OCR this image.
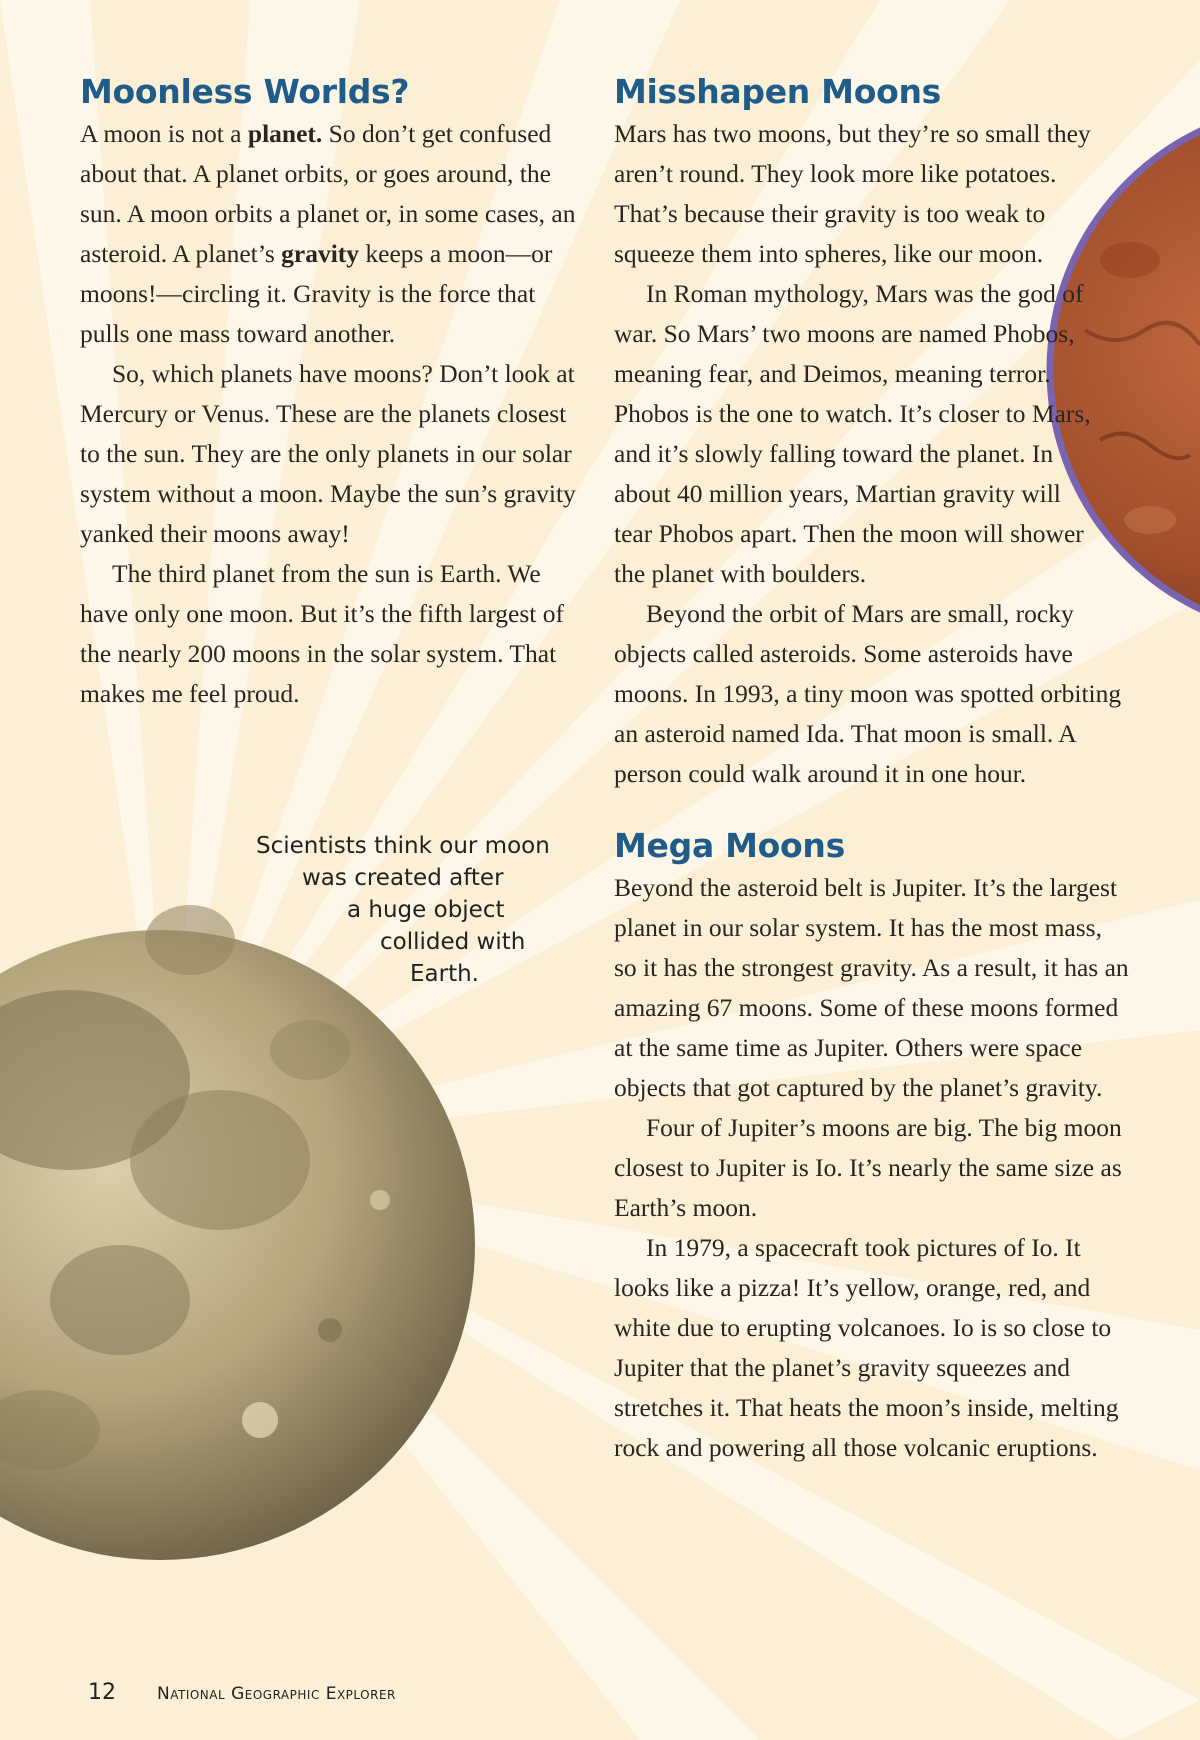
Moonless Worlds?

A moon is not a planet. So don’t get confused about that. A planet orbits, or goes around, the sun. A moon orbits a planet or, in some cases, an asteroid. A planet’s gravity keeps a moon—or moons!—circling it. Gravity is the force that pulls one mass toward another.

So, which planets have moons? Don’t look at Mercury or Venus. These are the planets closest to the sun. They are the only planets in our solar system without a moon. Maybe the sun’s gravity yanked their moons away!

The third planet from the sun is Earth. We have only one moon. But it’s the fifth largest of the nearly 200 moons in the solar system. That makes me feel proud.

Scientists think our moon
was created after
a huge object
collided with
Earth.
Misshapen Moons

Mars has two moons, but they’re so small they aren’t round. They look more like potatoes. That’s because their gravity is too weak to squeeze them into spheres, like our moon.

In Roman mythology, Mars was the god of war. So Mars’ two moons are named Phobos, meaning fear, and Deimos, meaning terror. Phobos is the one to watch. It’s closer to Mars, and it’s slowly falling toward the planet. In about 40 million years, Martian gravity will tear Phobos apart. Then the moon will shower the planet with boulders.

Beyond the orbit of Mars are small, rocky objects called asteroids. Some asteroids have moons. In 1993, a tiny moon was spotted orbiting an asteroid named Ida. That moon is small. A person could walk around it in one hour.

Mega Moons

Beyond the asteroid belt is Jupiter. It’s the largest planet in our solar system. It has the most mass, so it has the strongest gravity. As a result, it has an amazing 67 moons. Some of these moons formed at the same time as Jupiter. Others were space objects that got captured by the planet’s gravity.

Four of Jupiter’s moons are big. The big moon closest to Jupiter is Io. It’s nearly the same size as Earth’s moon.

In 1979, a spacecraft took pictures of Io. It looks like a pizza! It’s yellow, orange, red, and white due to erupting volcanoes. Io is so close to Jupiter that the planet’s gravity squeezes and stretches it. That heats the moon’s inside, melting rock and powering all those volcanic eruptions.

12 National Geographic Explorer
